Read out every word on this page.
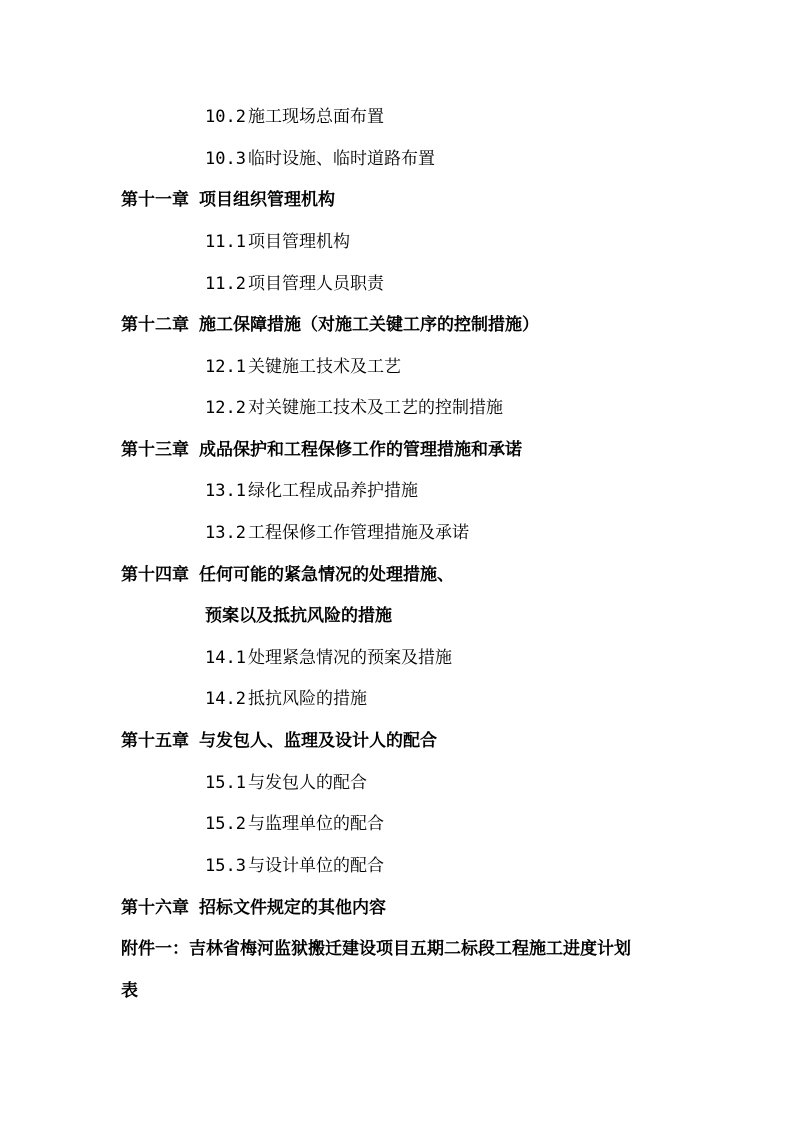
10.2 施工现场总面布置
10.3 临时设施、临时道路布置
第十一章 项目组织管理机构
11.1 项目管理机构
11.2 项目管理人员职责
第十二章 施工保障措施（对施工关键工序的控制措施）
12.1 关键施工技术及工艺
12.2 对关键施工技术及工艺的控制措施
第十三章 成品保护和工程保修工作的管理措施和承诺
13.1 绿化工程成品养护措施
13.2 工程保修工作管理措施及承诺
第十四章 任何可能的紧急情况的处理措施、
预案以及抵抗风险的措施
14.1 处理紧急情况的预案及措施
14.2 抵抗风险的措施
第十五章 与发包人、监理及设计人的配合
15.1 与发包人的配合
15.2 与监理单位的配合
15.3 与设计单位的配合
第十六章 招标文件规定的其他内容
附件一：吉林省梅河监狱搬迁建设项目五期二标段工程施工进度计划
表
